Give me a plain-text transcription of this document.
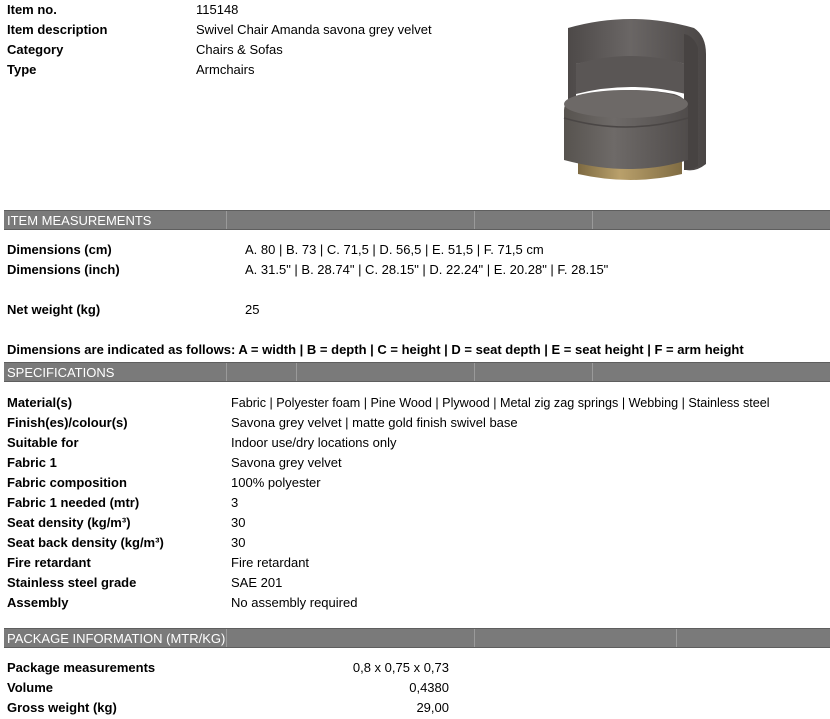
Item no.	115148
Item description	Swivel Chair Amanda savona grey velvet
Category	Chairs & Sofas
Type	Armchairs
ITEM MEASUREMENTS
Dimensions (cm)	A. 80 | B. 73 | C. 71,5 | D. 56,5 | E. 51,5 | F. 71,5 cm
Dimensions (inch)	A. 31.5" | B. 28.74" | C. 28.15" | D. 22.24" | E. 20.28" | F. 28.15"
Net weight (kg)	25
Dimensions are indicated as follows: A = width | B = depth | C = height | D = seat depth | E = seat height | F = arm height
SPECIFICATIONS
Material(s)	Fabric | Polyester foam | Pine Wood | Plywood | Metal zig zag springs | Webbing | Stainless steel
Finish(es)/colour(s)	Savona grey velvet | matte gold finish swivel base
Suitable for	Indoor use/dry locations only
Fabric 1	Savona grey velvet
Fabric composition	100% polyester
Fabric 1 needed (mtr)	3
Seat density (kg/m³)	30
Seat back density (kg/m³)	30
Fire retardant	Fire retardant
Stainless steel grade	SAE 201
Assembly	No assembly required
PACKAGE INFORMATION (MTR/KG)
Package measurements	0,8 x 0,75 x 0,73
Volume	0,4380
Gross weight (kg)	29,00
